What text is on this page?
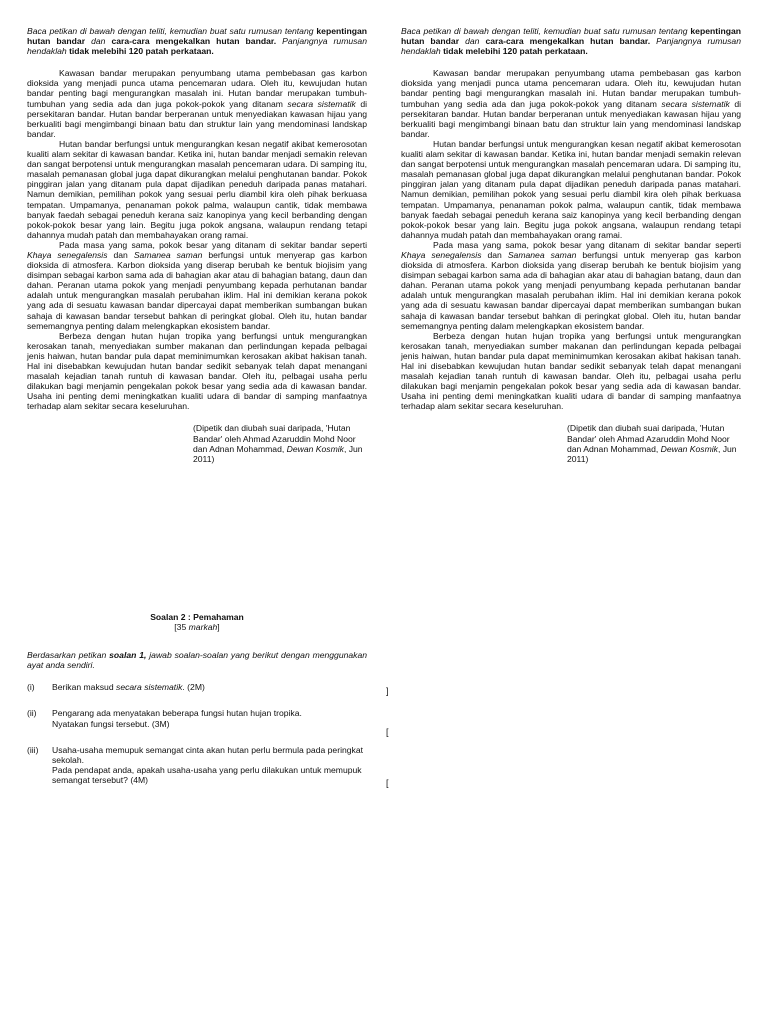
Baca petikan di bawah dengan teliti, kemudian buat satu rumusan tentang kepentingan hutan bandar dan cara-cara mengekalkan hutan bandar. Panjangnya rumusan hendaklah tidak melebihi 120 patah perkataan.

Kawasan bandar merupakan penyumbang utama pembebasan gas karbon dioksida yang menjadi punca utama pencemaran udara. Oleh itu, kewujudan hutan bandar penting bagi mengurangkan masalah ini. Hutan bandar merupakan tumbuh-tumbuhan yang sedia ada dan juga pokok-pokok yang ditanam secara sistematik di persekitaran bandar. Hutan bandar berperanan untuk menyediakan kawasan hijau yang berkualiti bagi mengimbangi binaan batu dan struktur lain yang mendominasi landskap bandar.

Hutan bandar berfungsi untuk mengurangkan kesan negatif akibat kemerosotan kualiti alam sekitar di kawasan bandar. Ketika ini, hutan bandar menjadi semakin relevan dan sangat berpotensi untuk mengurangkan masalah pencemaran udara. Di samping itu, masalah pemanasan global juga dapat dikurangkan melalui penghutanan bandar. Pokok pinggiran jalan yang ditanam pula dapat dijadikan peneduh daripada panas matahari. Namun demikian, pemilihan pokok yang sesuai perlu diambil kira oleh pihak berkuasa tempatan. Umpamanya, penanaman pokok palma, walaupun cantik, tidak membawa banyak faedah sebagai peneduh kerana saiz kanopinya yang kecil berbanding dengan pokok-pokok besar yang lain. Begitu juga pokok angsana, walaupun rendang tetapi dahannya mudah patah dan membahayakan orang ramai.

Pada masa yang sama, pokok besar yang ditanam di sekitar bandar seperti Khaya senegalensis dan Samanea saman berfungsi untuk menyerap gas karbon dioksida di atmosfera. Karbon dioksida yang diserap berubah ke bentuk biojisim yang disimpan sebagai karbon sama ada di bahagian akar atau di bahagian batang, daun dan dahan. Peranan utama pokok yang menjadi penyumbang kepada perhutanan bandar adalah untuk mengurangkan masalah perubahan iklim. Hal ini demikian kerana pokok yang ada di sesuatu kawasan bandar dipercayai dapat memberikan sumbangan bukan sahaja di kawasan bandar tersebut bahkan di peringkat global. Oleh itu, hutan bandar sememangnya penting dalam melengkapkan ekosistem bandar.

Berbeza dengan hutan hujan tropika yang berfungsi untuk mengurangkan kerosakan tanah, menyediakan sumber makanan dan perlindungan kepada pelbagai jenis haiwan, hutan bandar pula dapat meminimumkan kerosakan akibat hakisan tanah. Hal ini disebabkan kewujudan hutan bandar sedikit sebanyak telah dapat menangani masalah kejadian tanah runtuh di kawasan bandar. Oleh itu, pelbagai usaha perlu dilakukan bagi menjamin pengekalan pokok besar yang sedia ada di kawasan bandar. Usaha ini penting demi meningkatkan kualiti udara di bandar di samping manfaatnya terhadap alam sekitar secara keseluruhan.

(Dipetik dan diubah suai daripada, 'Hutan Bandar' oleh Ahmad Azaruddin Mohd Noor dan Adnan Mohammad, Dewan Kosmik, Jun 2011)

Baca petikan di bawah dengan teliti, kemudian buat satu rumusan tentang kepentingan hutan bandar dan cara-cara mengekalkan hutan bandar. Panjangnya rumusan hendaklah tidak melebihi 120 patah perkataan.

Kawasan bandar merupakan penyumbang utama pembebasan gas karbon dioksida yang menjadi punca utama pencemaran udara. Oleh itu, kewujudan hutan bandar penting bagi mengurangkan masalah ini. Hutan bandar merupakan tumbuh-tumbuhan yang sedia ada dan juga pokok-pokok yang ditanam secara sistematik di persekitaran bandar. Hutan bandar berperanan untuk menyediakan kawasan hijau yang berkualiti bagi mengimbangi binaan batu dan struktur lain yang mendominasi landskap bandar.

Hutan bandar berfungsi untuk mengurangkan kesan negatif akibat kemerosotan kualiti alam sekitar di kawasan bandar. Ketika ini, hutan bandar menjadi semakin relevan dan sangat berpotensi untuk mengurangkan masalah pencemaran udara. Di samping itu, masalah pemanasan global juga dapat dikurangkan melalui penghutanan bandar. Pokok pinggiran jalan yang ditanam pula dapat dijadikan peneduh daripada panas matahari. Namun demikian, pemilihan pokok yang sesuai perlu diambil kira oleh pihak berkuasa tempatan. Umpamanya, penanaman pokok palma, walaupun cantik, tidak membawa banyak faedah sebagai peneduh kerana saiz kanopinya yang kecil berbanding dengan pokok-pokok besar yang lain. Begitu juga pokok angsana, walaupun rendang tetapi dahannya mudah patah dan membahayakan orang ramai.

Pada masa yang sama, pokok besar yang ditanam di sekitar bandar seperti Khaya senegalensis dan Samanea saman berfungsi untuk menyerap gas karbon dioksida di atmosfera. Karbon dioksida yang diserap berubah ke bentuk biojisim yang disimpan sebagai karbon sama ada di bahagian akar atau di bahagian batang, daun dan dahan. Peranan utama pokok yang menjadi penyumbang kepada perhutanan bandar adalah untuk mengurangkan masalah perubahan iklim. Hal ini demikian kerana pokok yang ada di sesuatu kawasan bandar dipercayai dapat memberikan sumbangan bukan sahaja di kawasan bandar tersebut bahkan di peringkat global. Oleh itu, hutan bandar sememangnya penting dalam melengkapkan ekosistem bandar.

Berbeza dengan hutan hujan tropika yang berfungsi untuk mengurangkan kerosakan tanah, menyediakan sumber makanan dan perlindungan kepada pelbagai jenis haiwan, hutan bandar pula dapat meminimumkan kerosakan akibat hakisan tanah. Hal ini disebabkan kewujudan hutan bandar sedikit sebanyak telah dapat menangani masalah kejadian tanah runtuh di kawasan bandar. Oleh itu, pelbagai usaha perlu dilakukan bagi menjamin pengekalan pokok besar yang sedia ada di kawasan bandar. Usaha ini penting demi meningkatkan kualiti udara di bandar di samping manfaatnya terhadap alam sekitar secara keseluruhan.

(Dipetik dan diubah suai daripada, 'Hutan Bandar' oleh Ahmad Azaruddin Mohd Noor dan Adnan Mohammad, Dewan Kosmik, Jun 2011)

Soalan 2 : Pemahaman

[35 markah]

Berdasarkan petikan soalan 1, jawab soalan-soalan yang berikut dengan menggunakan ayat anda sendiri.

(i)	Berikan maksud secara sistematik. (2M)

(ii)	Pengarang ada menyatakan beberapa fungsi hutan hujan tropika.

Nyatakan fungsi tersebut. (3M)

(iii)	Usaha-usaha memupuk semangat cinta akan hutan perlu bermula pada peringkat sekolah.

Pada pendapat anda, apakah usaha-usaha yang perlu dilakukan untuk memupuk semangat tersebut? (4M)

]
[
[
